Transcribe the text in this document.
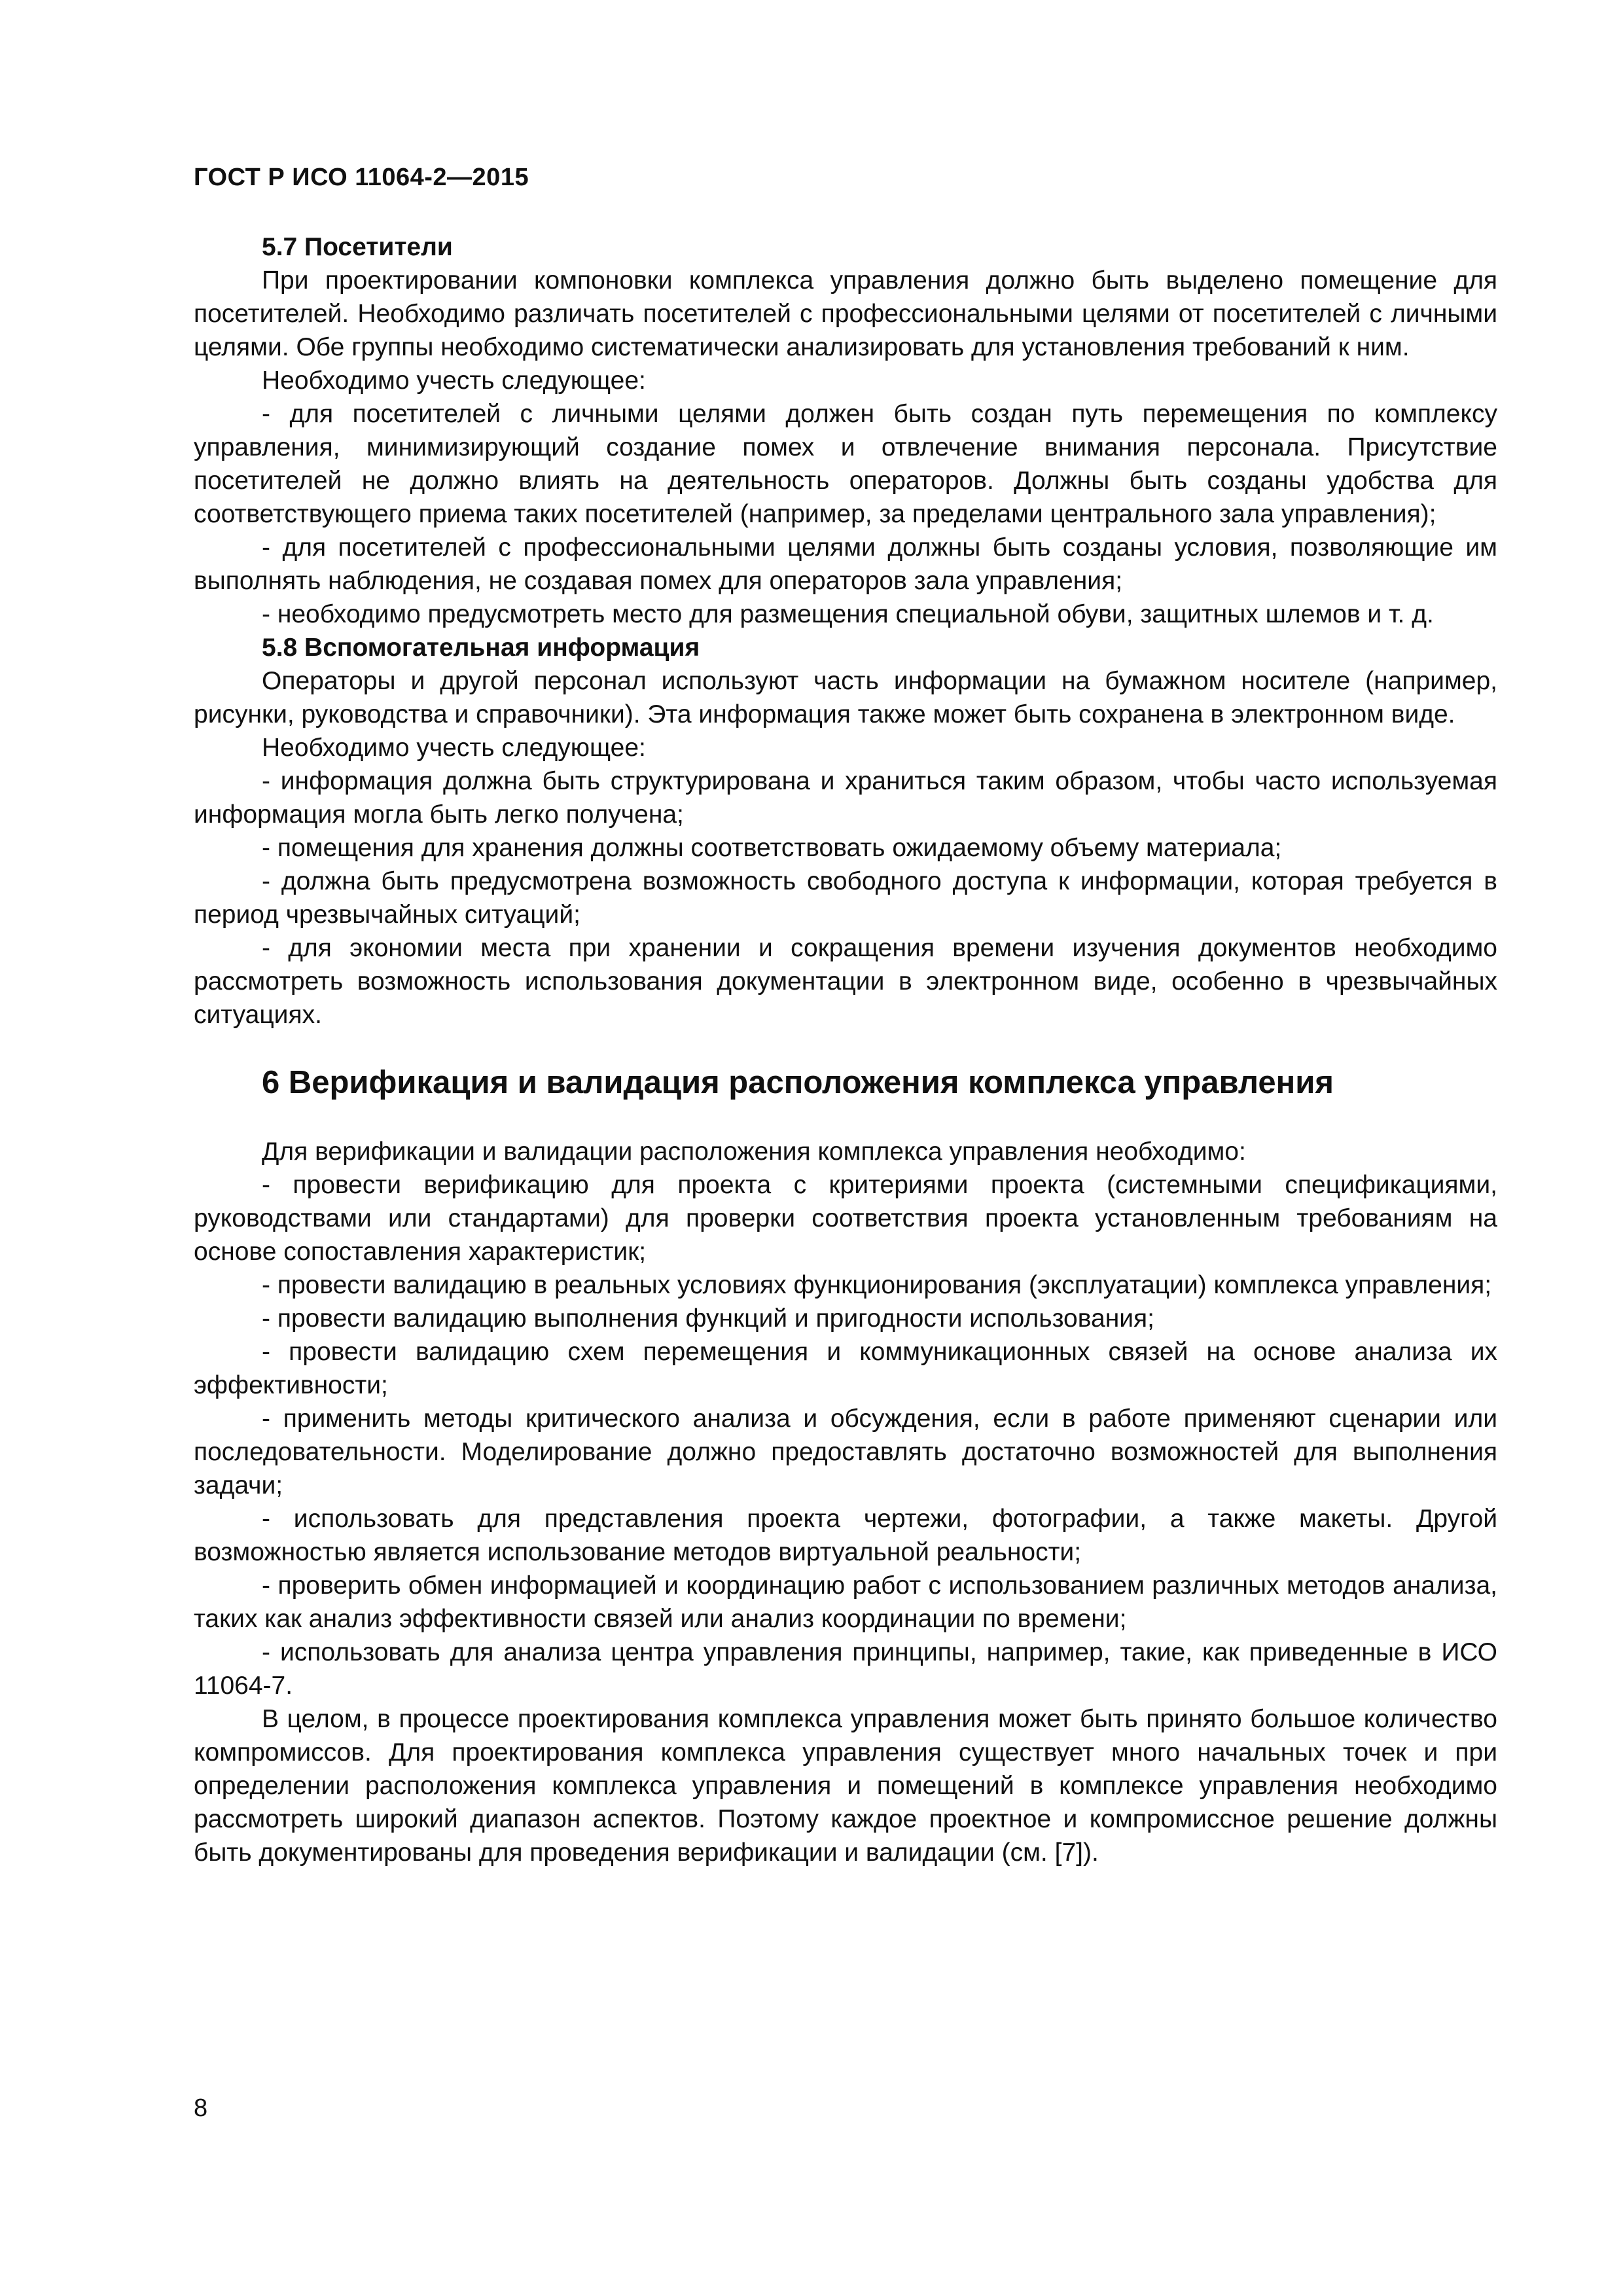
ГОСТ Р ИСО 11064-2—2015

5.7 Посетители

При проектировании компоновки комплекса управления должно быть выделено помещение для посетителей. Необходимо различать посетителей с профессиональными целями от посетителей с личными целями. Обе группы необходимо систематически анализировать для установления требований к ним.

Необходимо учесть следующее:

- для посетителей с личными целями должен быть создан путь перемещения по комплексу управления, минимизирующий создание помех и отвлечение внимания персонала. Присутствие посетителей не должно влиять на деятельность операторов. Должны быть созданы удобства для соответствующего приема таких посетителей (например, за пределами центрального зала управления);

- для посетителей с профессиональными целями должны быть созданы условия, позволяющие им выполнять наблюдения, не создавая помех для операторов зала управления;

- необходимо предусмотреть место для размещения специальной обуви, защитных шлемов и т. д.

5.8 Вспомогательная информация

Операторы и другой персонал используют часть информации на бумажном носителе (например, рисунки, руководства и справочники). Эта информация также может быть сохранена в электронном виде.

Необходимо учесть следующее:

- информация должна быть структурирована и храниться таким образом, чтобы часто используемая информация могла быть легко получена;

- помещения для хранения должны соответствовать ожидаемому объему материала;

- должна быть предусмотрена возможность свободного доступа к информации, которая требуется в период чрезвычайных ситуаций;

- для экономии места при хранении и сокращения времени изучения документов необходимо рассмотреть возможность использования документации в электронном виде, особенно в чрезвычайных ситуациях.

6 Верификация и валидация расположения комплекса управления

Для верификации и валидации расположения комплекса управления необходимо:

- провести верификацию для проекта с критериями проекта (системными спецификациями, руководствами или стандартами) для проверки соответствия проекта установленным требованиям на основе сопоставления характеристик;

- провести валидацию в реальных условиях функционирования (эксплуатации) комплекса управления;

- провести валидацию выполнения функций и пригодности использования;

- провести валидацию схем перемещения и коммуникационных связей на основе анализа их эффективности;

- применить методы критического анализа и обсуждения, если в работе применяют сценарии или последовательности. Моделирование должно предоставлять достаточно возможностей для выполнения задачи;

- использовать для представления проекта чертежи, фотографии, а также макеты. Другой возможностью является использование методов виртуальной реальности;

- проверить обмен информацией и координацию работ с использованием различных методов анализа, таких как анализ эффективности связей или анализ координации по времени;

- использовать для анализа центра управления принципы, например, такие, как приведенные в ИСО 11064-7.

В целом, в процессе проектирования комплекса управления может быть принято большое количество компромиссов. Для проектирования комплекса управления существует много начальных точек и при определении расположения комплекса управления и помещений в комплексе управления необходимо рассмотреть широкий диапазон аспектов. Поэтому каждое проектное и компромиссное решение должны быть документированы для проведения верификации и валидации (см. [7]).

8
